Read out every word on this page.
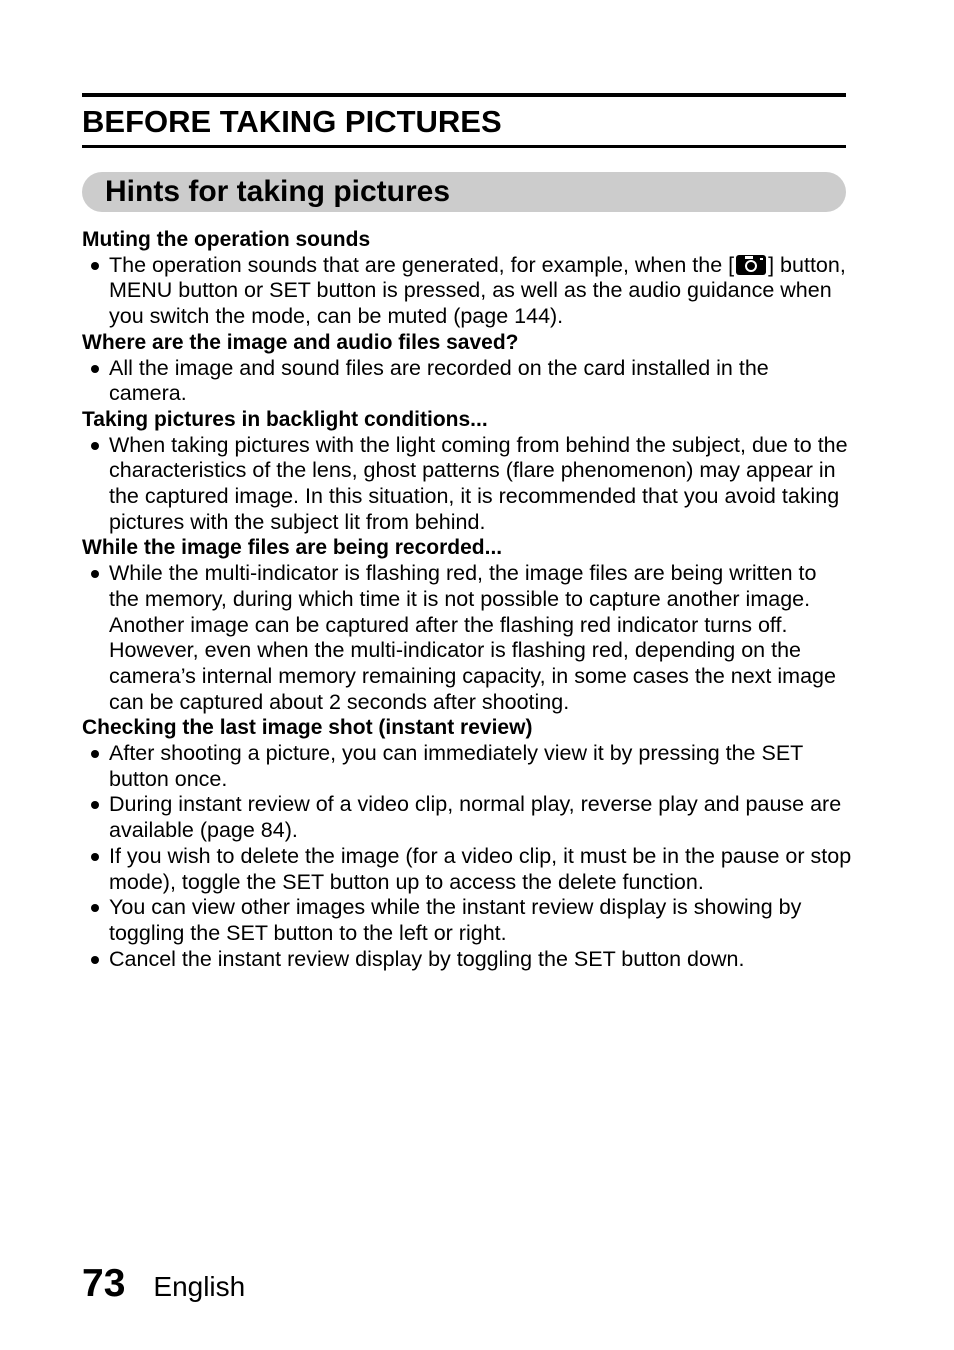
BEFORE TAKING PICTURES
Hints for taking pictures

Muting the operation sounds

The operation sounds that are generated, for example, when the [ ] button, MENU button or SET button is pressed, as well as the audio guidance when you switch the mode, can be muted (page 144).

Where are the image and audio files saved?

All the image and sound files are recorded on the card installed in the camera.

Taking pictures in backlight conditions...

When taking pictures with the light coming from behind the subject, due to the characteristics of the lens, ghost patterns (flare phenomenon) may appear in the captured image. In this situation, it is recommended that you avoid taking pictures with the subject lit from behind.

While the image files are being recorded...

While the multi-indicator is flashing red, the image files are being written to the memory, during which time it is not possible to capture another image. Another image can be captured after the flashing red indicator turns off. However, even when the multi-indicator is flashing red, depending on the camera’s internal memory remaining capacity, in some cases the next image can be captured about 2 seconds after shooting.

Checking the last image shot (instant review)

After shooting a picture, you can immediately view it by pressing the SET button once.
During instant review of a video clip, normal play, reverse play and pause are available (page 84).
If you wish to delete the image (for a video clip, it must be in the pause or stop mode), toggle the SET button up to access the delete function.
You can view other images while the instant review display is showing by toggling the SET button to the left or right.
Cancel the instant review display by toggling the SET button down.
73 English
